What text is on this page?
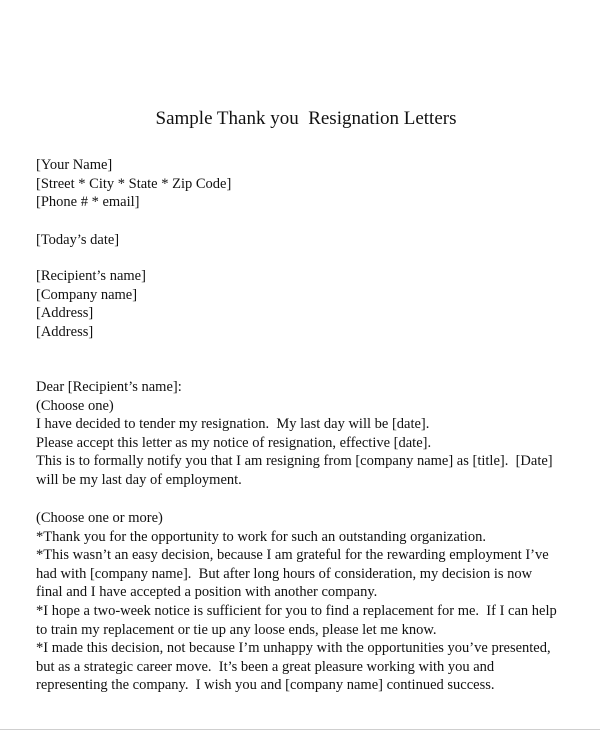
Sample Thank you  Resignation Letters
[Your Name]
[Street * City * State * Zip Code]
[Phone # * email]
[Today’s date]
[Recipient’s name]
[Company name]
[Address]
[Address]
Dear [Recipient’s name]:
(Choose one)
I have decided to tender my resignation.  My last day will be [date].
Please accept this letter as my notice of resignation, effective [date].
This is to formally notify you that I am resigning from [company name] as [title].  [Date]
will be my last day of employment.
(Choose one or more)
*Thank you for the opportunity to work for such an outstanding organization.
*This wasn’t an easy decision, because I am grateful for the rewarding employment I’ve
had with [company name].  But after long hours of consideration, my decision is now
final and I have accepted a position with another company.
*I hope a two-week notice is sufficient for you to find a replacement for me.  If I can help
to train my replacement or tie up any loose ends, please let me know.
*I made this decision, not because I’m unhappy with the opportunities you’ve presented,
but as a strategic career move.  It’s been a great pleasure working with you and
representing the company.  I wish you and [company name] continued success.
